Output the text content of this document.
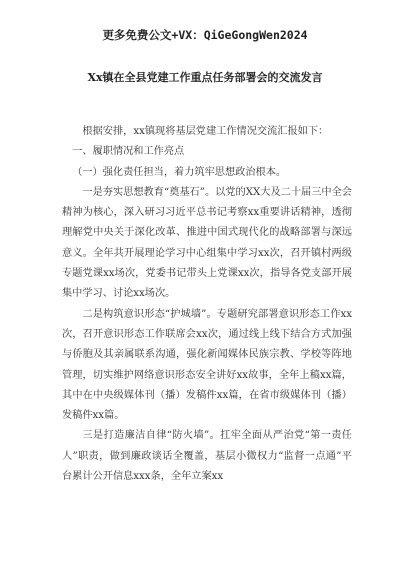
更多免费公文+VX：QiGeGongWen2024
Xx镇在全县党建工作重点任务部署会的交流发言

根据安排，xx镇现将基层党建工作情况交流汇报如下：

一、履职情况和工作亮点

（一）强化责任担当，着力筑牢思想政治根本。

一是夯实思想教育“奠基石”。以党的XX大及二十届三中全会精神为核心，深入研习习近平总书记考察xx重要讲话精神，透彻理解党中央关于深化改革、推进中国式现代化的战略部署与深远意义。全年共开展理论学习中心组集中学习xx次，召开镇村两级专题党课xx场次，党委书记带头上党课xx次，指导各党支部开展集中学习、讨论xx场次。

二是构筑意识形态“护城墙”。专题研究部署意识形态工作xx次，召开意识形态工作联席会xx次，通过线上线下结合方式加强与侨胞及其亲属联系沟通，强化新闻媒体民族宗教、学校等阵地管理，切实维护网络意识形态安全讲好xx故事，全年上稿xx篇，其中在中央级媒体刊（播）发稿件xx篇，在省市级媒体刊（播）发稿件xx篇。

三是打造廉洁自律“防火墙”。扛牢全面从严治党“第一责任人”职责，做到廉政谈话全覆盖，基层小微权力“监督一点通”平台累计公开信息xxx条，全年立案xx
